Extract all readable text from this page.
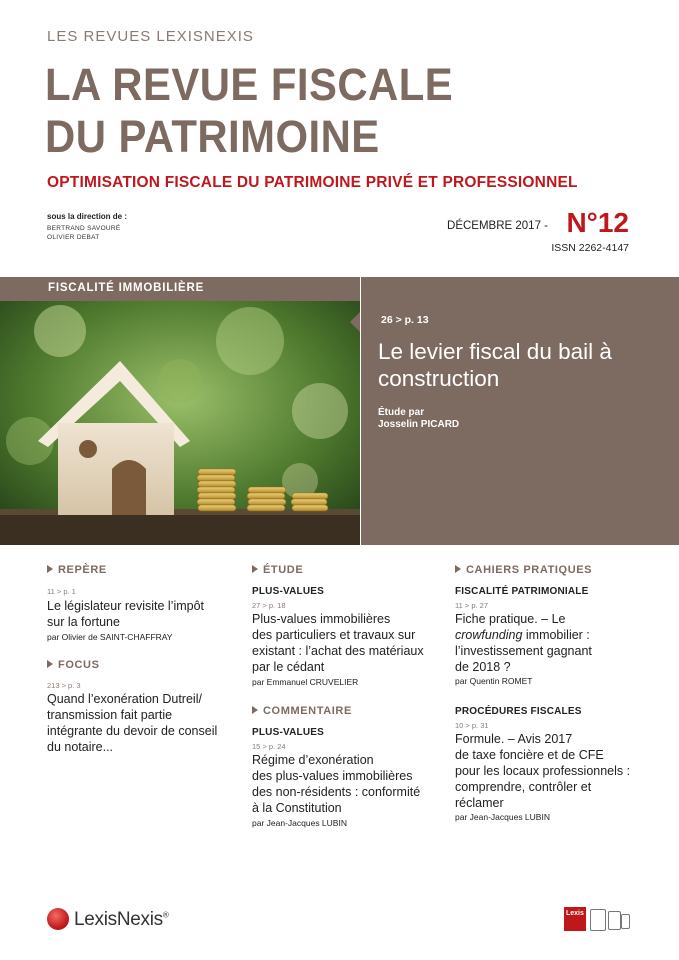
LES REVUES LEXISNEXIS
LA REVUE FISCALE
DU PATRIMOINE
OPTIMISATION FISCALE DU PATRIMOINE PRIVÉ ET PROFESSIONNEL
sous la direction de :
BERTRAND SAVOURÉ
OLIVIER DEBAT
DÉCEMBRE 2017 - N°12
ISSN 2262-4147
FISCALITÉ IMMOBILIÈRE
26 > p. 13
Le levier fiscal du bail à construction
Étude par
Josselin PICARD
REPÈRE
11 > p. 1
Le législateur revisite l’impôt
sur la fortune
par Olivier de SAINT-CHAFFRAY
FOCUS
213 > p. 3
Quand l’exonération Dutreil/
transmission fait partie
intégrante du devoir de conseil
du notaire...
ÉTUDE
PLUS-VALUES
27 > p. 18
Plus-values immobilières
des particuliers et travaux sur
existant : l’achat des matériaux
par le cédant
par Emmanuel CRUVELIER
COMMENTAIRE
PLUS-VALUES
15 > p. 24
Régime d’exonération
des plus-values immobilières
des non-résidents : conformité
à la Constitution
par Jean-Jacques LUBIN
CAHIERS PRATIQUES
FISCALITÉ PATRIMONIALE
11 > p. 27
Fiche pratique. – Le
crowfunding immobilier :
l’investissement gagnant
de 2018 ?
par Quentin ROMET
PROCÉDURES FISCALES
10 > p. 31
Formule. – Avis 2017
de taxe foncière et de CFE
pour les locaux professionnels :
comprendre, contrôler et
réclamer
par Jean-Jacques LUBIN
LexisNexis®	Lexis
